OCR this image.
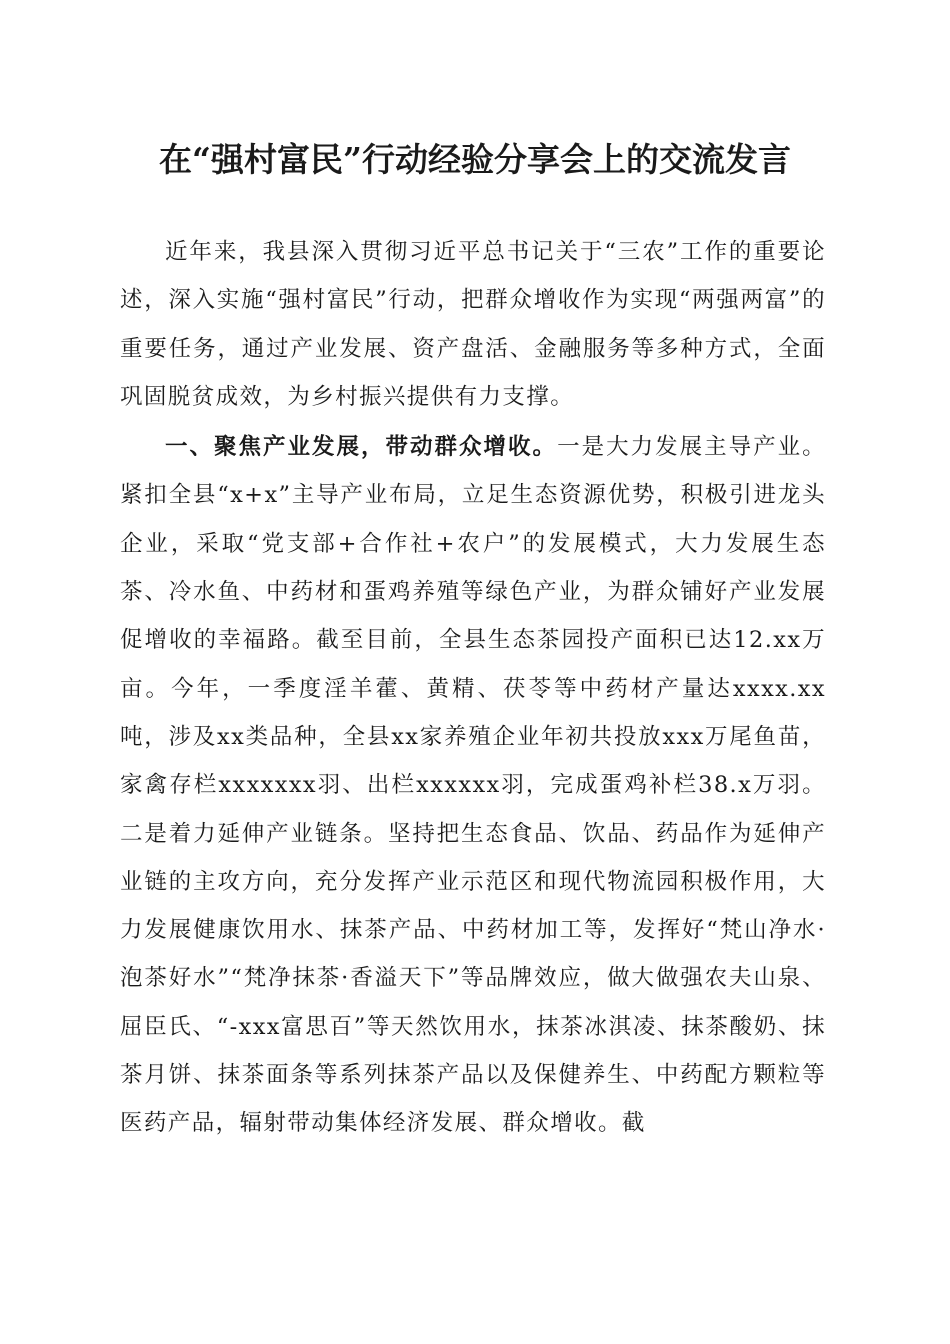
在“强村富民”行动经验分享会上的交流发言

近年来，我县深入贯彻习近平总书记关于“三农”工作的重要论述，深入实施“强村富民”行动，把群众增收作为实现“两强两富”的重要任务，通过产业发展、资产盘活、金融服务等多种方式，全面巩固脱贫成效，为乡村振兴提供有力支撑。

一、聚焦产业发展，带动群众增收。一是大力发展主导产业。紧扣全县“x+x”主导产业布局，立足生态资源优势，积极引进龙头企业，采取“党支部+合作社+农户”的发展模式，大力发展生态茶、冷水鱼、中药材和蛋鸡养殖等绿色产业，为群众铺好产业发展促增收的幸福路。截至目前，全县生态茶园投产面积已达12.xx万亩。今年，一季度淫羊藿、黄精、茯苓等中药材产量达xxxx.xx吨，涉及xx类品种，全县xx家养殖企业年初共投放xxx万尾鱼苗，家禽存栏xxxxxxx羽、出栏xxxxxx羽，完成蛋鸡补栏38.x万羽。二是着力延伸产业链条。坚持把生态食品、饮品、药品作为延伸产业链的主攻方向，充分发挥产业示范区和现代物流园积极作用，大力发展健康饮用水、抹茶产品、中药材加工等，发挥好“梵山净水·泡茶好水”“梵净抹茶·香溢天下”等品牌效应，做大做强农夫山泉、屈臣氏、“-xxx富思百”等天然饮用水，抹茶冰淇凌、抹茶酸奶、抹茶月饼、抹茶面条等系列抹茶产品以及保健养生、中药配方颗粒等医药产品，辐射带动集体经济发展、群众增收。截
